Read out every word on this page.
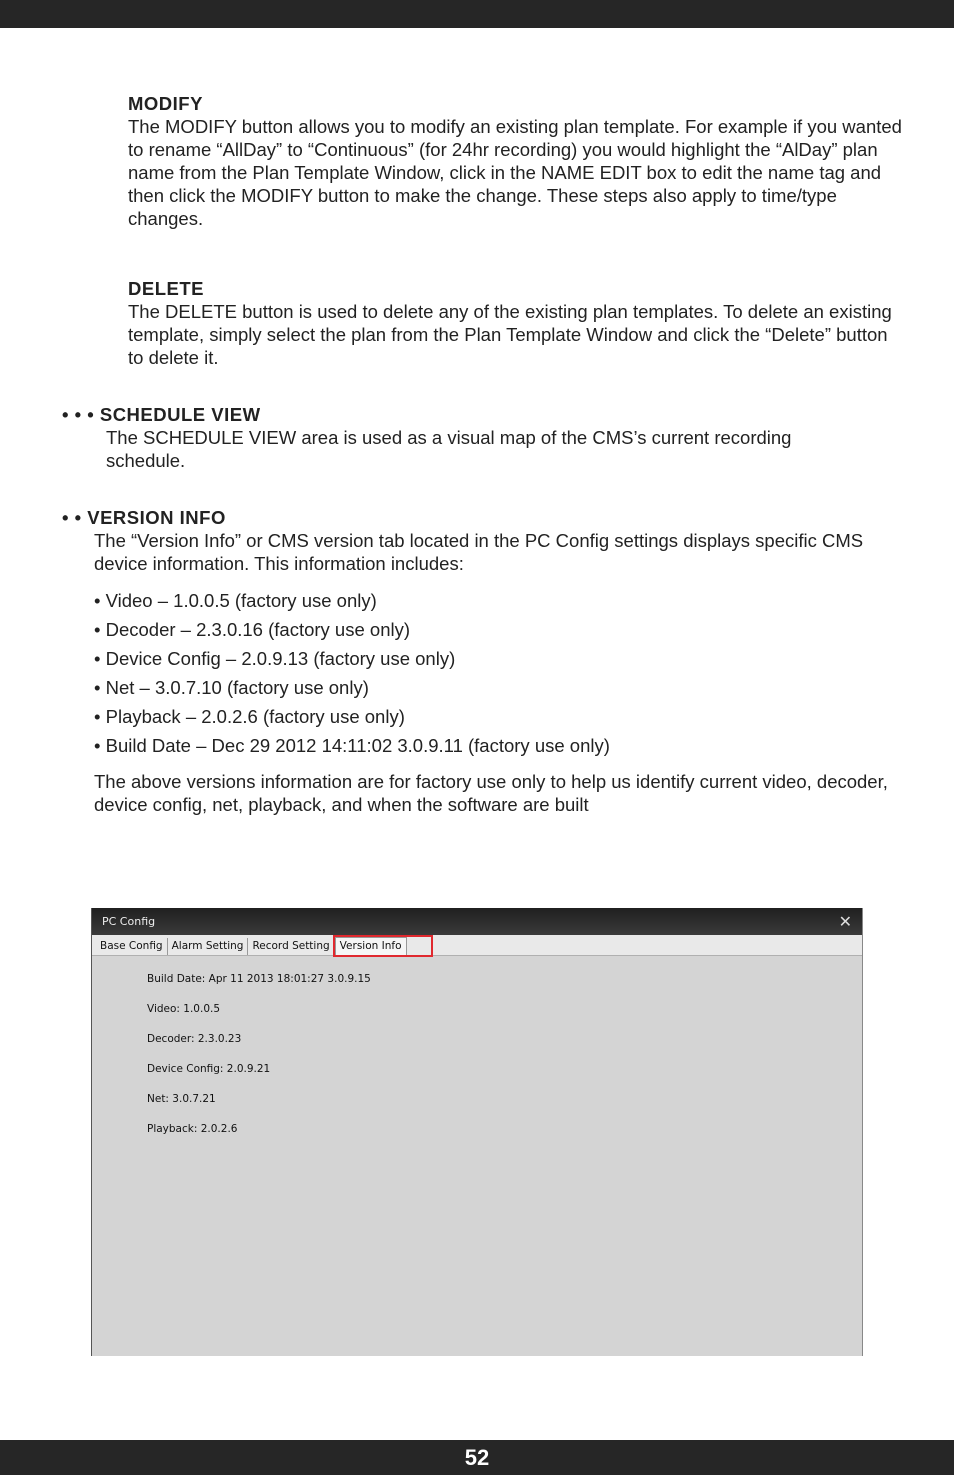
MODIFY

The MODIFY button allows you to modify an existing plan template. For example if you wanted to rename “AllDay” to “Continuous” (for 24hr recording) you would highlight the “AlDay” plan name from the Plan Template Window, click in the NAME EDIT box to edit the name tag and then click the MODIFY button to make the change. These steps also apply to time/type changes.

DELETE

The DELETE button is used to delete any of the existing plan templates. To delete an existing template, simply select the plan from the Plan Template Window and click the “Delete” button to delete it.

• • • SCHEDULE VIEW

The SCHEDULE VIEW area is used as a visual map of the CMS’s current recording schedule.

• • VERSION INFO

The “Version Info” or CMS version tab located in the PC Config settings displays specific CMS device information. This information includes:

• Video – 1.0.0.5 (factory use only)
• Decoder – 2.3.0.16 (factory use only)
• Device Config – 2.0.9.13 (factory use only)
• Net – 3.0.7.10 (factory use only)
• Playback – 2.0.2.6 (factory use only)
• Build Date – Dec 29 2012 14:11:02 3.0.9.11 (factory use only)

The above versions information are for factory use only to help us identify current video, decoder, device config, net, playback, and when the software are built

PC Config	✕
Base Config Alarm Setting Record Setting Version Info
Build Date: Apr 11 2013 18:01:27 3.0.9.15
Video: 1.0.0.5
Decoder: 2.3.0.23
Device Config: 2.0.9.21
Net: 3.0.7.21
Playback: 2.0.2.6
52
